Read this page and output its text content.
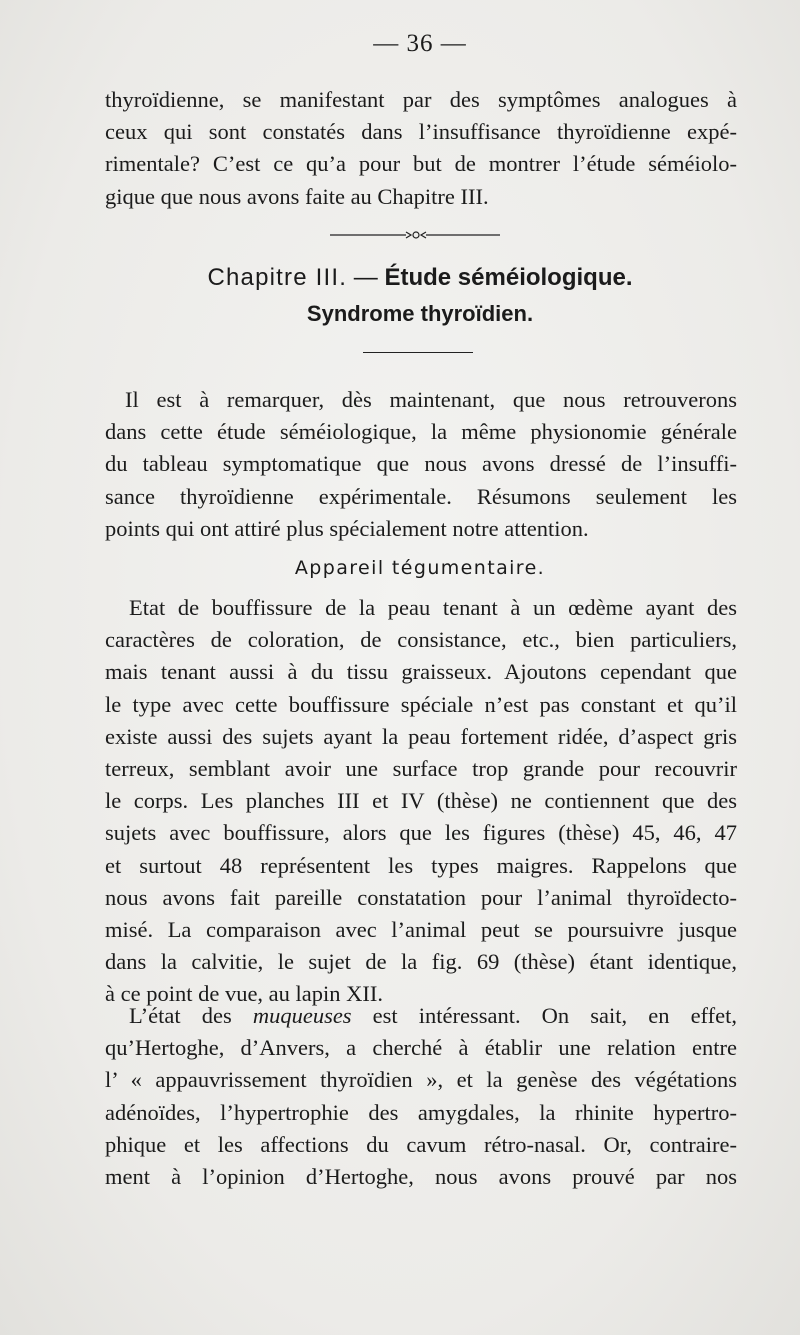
— 36 —

thyroïdienne, se manifestant par des symptômes analogues à
ceux qui sont constatés dans l’insuffisance thyroïdienne expé-
rimentale? C’est ce qu’a pour but de montrer l’étude séméiolo-
gique que nous avons faite au Chapitre III.

Chapitre III. — Étude séméiologique.
Syndrome thyroïdien.

Il est à remarquer, dès maintenant, que nous retrouverons
dans cette étude séméiologique, la même physionomie générale
du tableau symptomatique que nous avons dressé de l’insuffi-
sance thyroïdienne expérimentale. Résumons seulement les
points qui ont attiré plus spécialement notre attention.

Appareil tégumentaire.

Etat de bouffissure de la peau tenant à un œdème ayant des
caractères de coloration, de consistance, etc., bien particuliers,
mais tenant aussi à du tissu graisseux. Ajoutons cependant que
le type avec cette bouffissure spéciale n’est pas constant et qu’il
existe aussi des sujets ayant la peau fortement ridée, d’aspect gris
terreux, semblant avoir une surface trop grande pour recouvrir
le corps. Les planches III et IV (thèse) ne contiennent que des
sujets avec bouffissure, alors que les figures (thèse) 45, 46, 47
et surtout 48 représentent les types maigres. Rappelons que
nous avons fait pareille constatation pour l’animal thyroïdecto-
misé. La comparaison avec l’animal peut se poursuivre jusque
dans la calvitie, le sujet de la fig. 69 (thèse) étant identique,
à ce point de vue, au lapin XII.

L’état des muqueuses est intéressant. On sait, en effet,
qu’Hertoghe, d’Anvers, a cherché à établir une relation entre
l’ « appauvrissement thyroïdien », et la genèse des végétations
adénoïdes, l’hypertrophie des amygdales, la rhinite hypertro-
phique et les affections du cavum rétro-nasal. Or, contraire-
ment à l’opinion d’Hertoghe, nous avons prouvé par nos
